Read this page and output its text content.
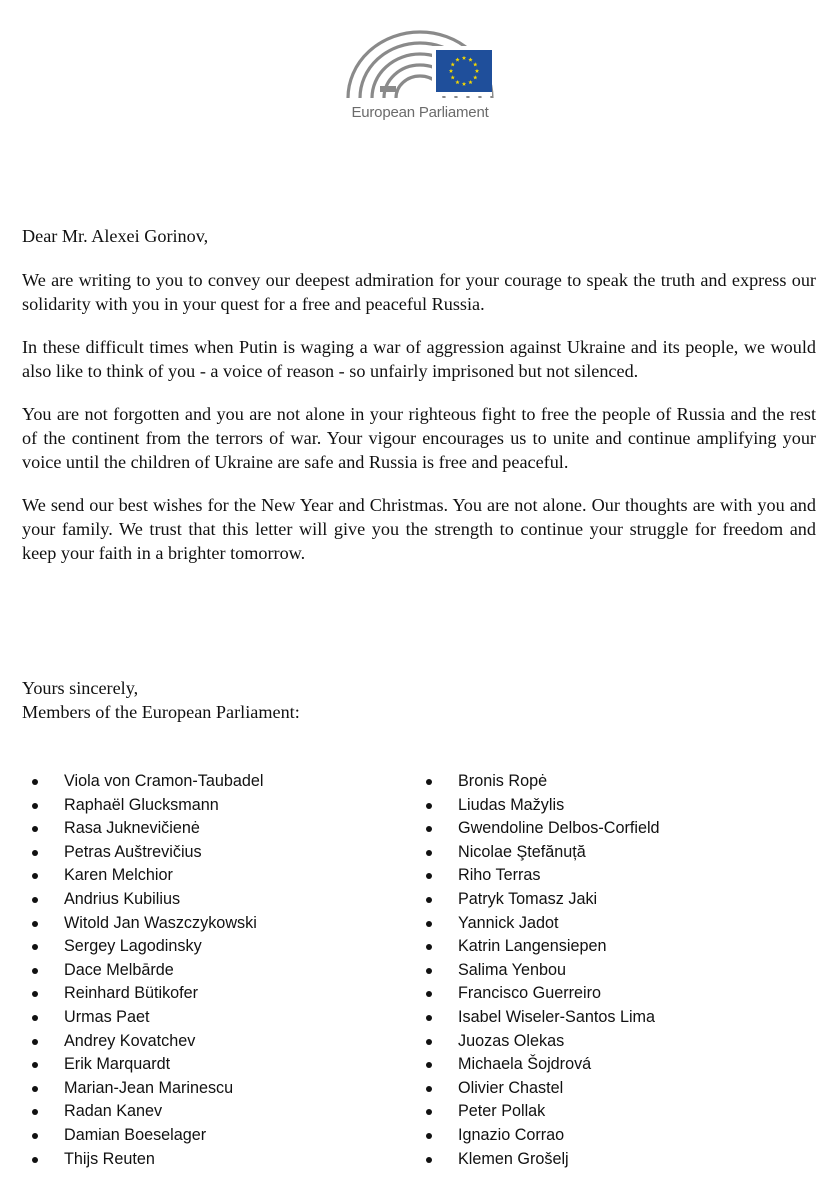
European Parliament

Dear Mr. Alexei Gorinov,

We are writing to you to convey our deepest admiration for your courage to speak the truth and express our solidarity with you in your quest for a free and peaceful Russia.

In these difficult times when Putin is waging a war of aggression against Ukraine and its people, we would also like to think of you - a voice of reason - so unfairly imprisoned but not silenced.

You are not forgotten and you are not alone in your righteous fight to free the people of Russia and the rest of the continent from the terrors of war. Your vigour encourages us to unite and continue amplifying your voice until the children of Ukraine are safe and Russia is free and peaceful.

We send our best wishes for the New Year and Christmas. You are not alone. Our thoughts are with you and your family. We trust that this letter will give you the strength to continue your struggle for freedom and keep your faith in a brighter tomorrow.

Yours sincerely,
Members of the European Parliament:
Viola von Cramon-Taubadel
Raphaël Glucksmann
Rasa Juknevičienė
Petras Auštrevičius
Karen Melchior
Andrius Kubilius
Witold Jan Waszczykowski
Sergey Lagodinsky
Dace Melbārde
Reinhard Bütikofer
Urmas Paet
Andrey Kovatchev
Erik Marquardt
Marian-Jean Marinescu
Radan Kanev
Damian Boeselager
Thijs Reuten
Bronis Ropė
Liudas Mažylis
Gwendoline Delbos-Corfield
Nicolae Ştefănuță
Riho Terras
Patryk Tomasz Jaki
Yannick Jadot
Katrin Langensiepen
Salima Yenbou
Francisco Guerreiro
Isabel Wiseler-Santos Lima
Juozas Olekas
Michaela Šojdrová
Olivier Chastel
Peter Pollak
Ignazio Corrao
Klemen Grošelj
